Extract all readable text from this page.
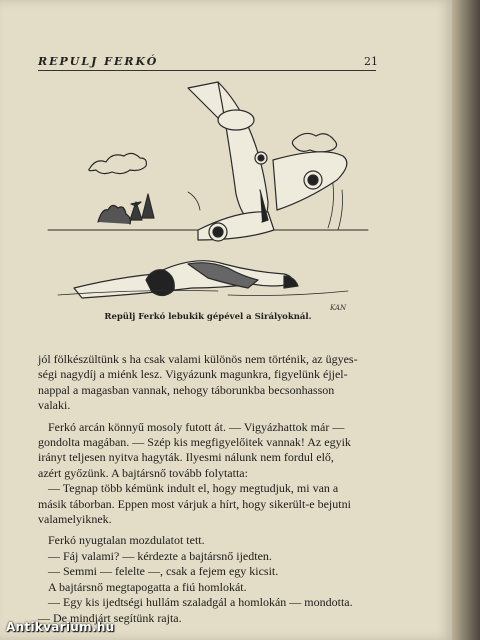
REPULJ FERKÓ	21
KAN
Repülj Ferkó lebukik gépével a Sirályoknál.

jól fölkészültünk s ha csak valami különös nem történik, az ügyes-

ségi nagydíj a miénk lesz. Vigyázunk magunkra, figyelünk éjjel-

nappal a magasban vannak, nehogy táborunkba becsonhasson

valaki.

Ferkó arcán könnyű mosoly futott át. — Vigyázhattok már —

gondolta magában. — Szép kis megfigyelőitek vannak! Az egyik

irányt teljesen nyitva hagyták. Ilyesmi nálunk nem fordul elő,

azért győzünk. A bajtársnő tovább folytatta:

— Tegnap több kémünk indult el, hogy megtudjuk, mi van a

másik táborban. Eppen most várjuk a hírt, hogy sikerült-e bejutni

valamelyiknek.

Ferkó nyugtalan mozdulatot tett.

— Fáj valami? — kérdezte a bajtársnő ijedten.

— Semmi — felelte —, csak a fejem egy kicsit.

A bajtársnő megtapogatta a fiú homlokát.

— Egy kis ijedtségi hullám szaladgál a homlokán — mondotta.

— De mindjárt segítünk rajta.

Antikvarium.hu
